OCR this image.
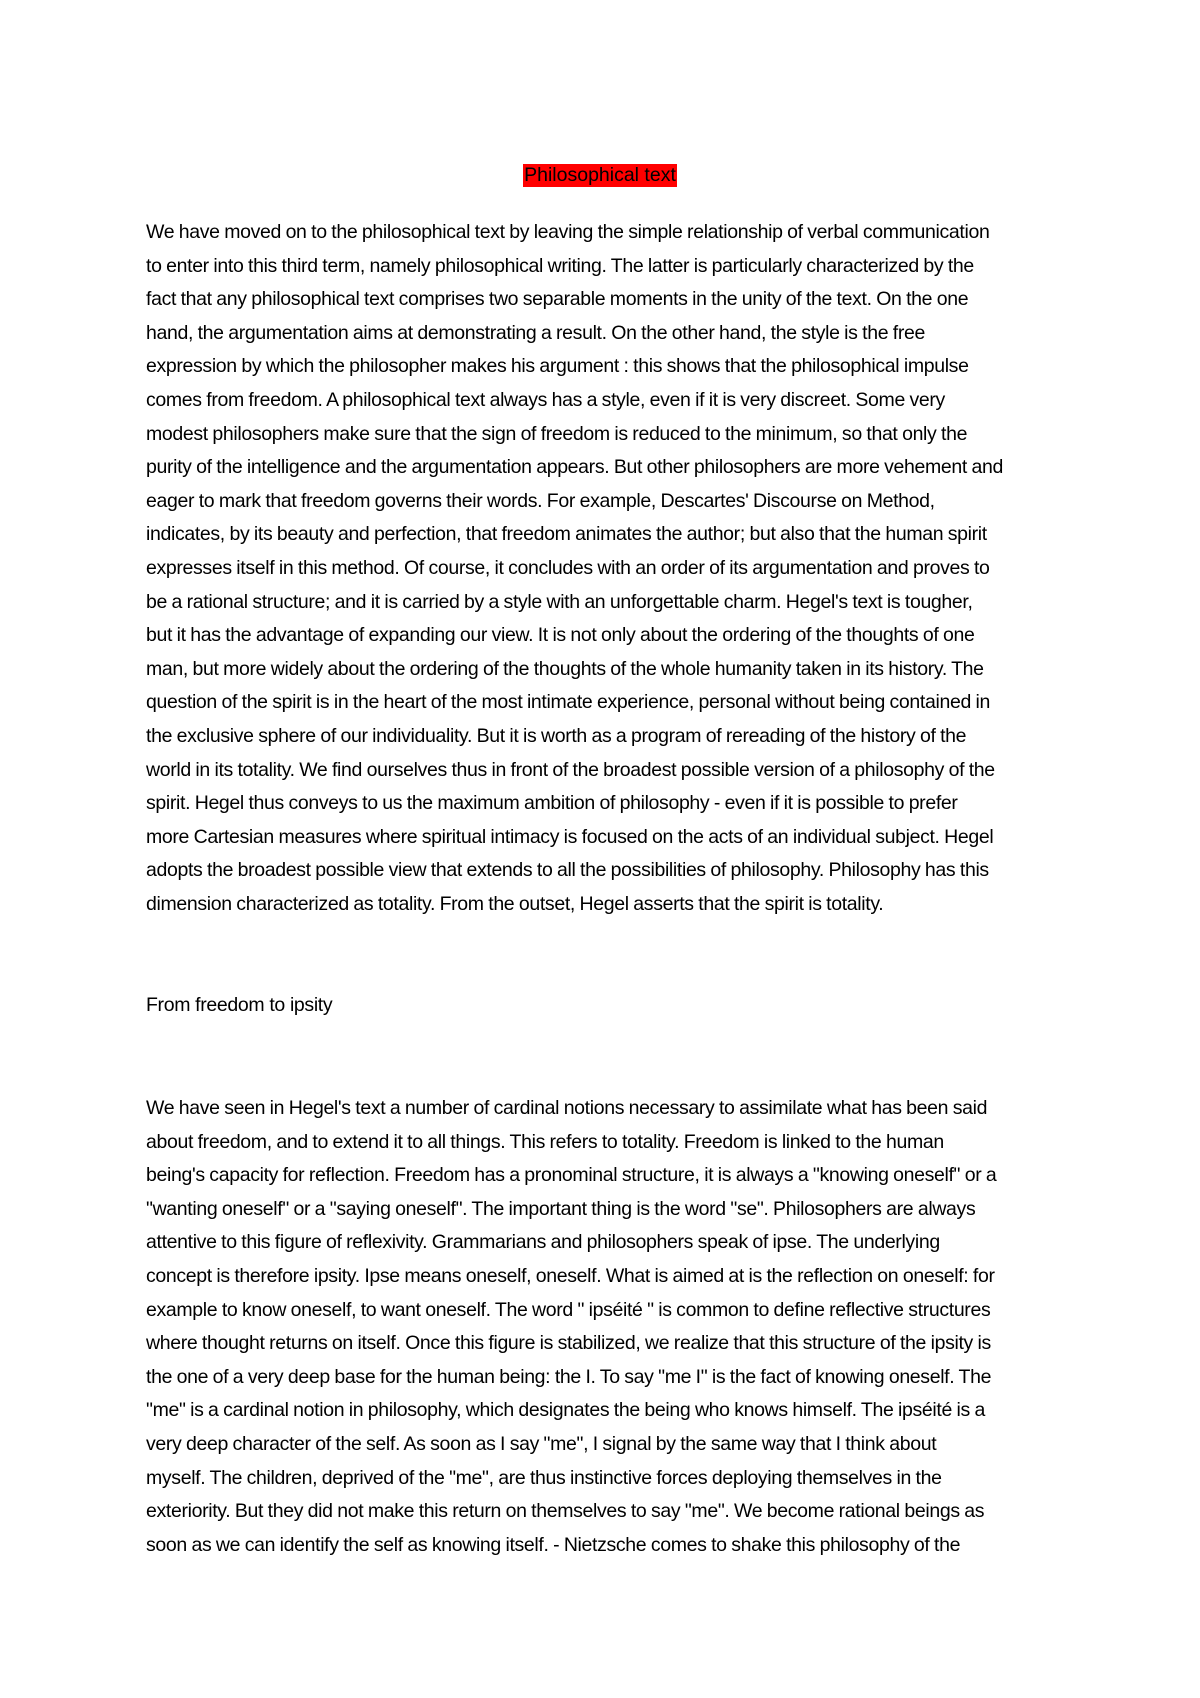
Philosophical text
We have moved on to the philosophical text by leaving the simple relationship of verbal communication
to enter into this third term, namely philosophical writing. The latter is particularly characterized by the
fact that any philosophical text comprises two separable moments in the unity of the text. On the one
hand, the argumentation aims at demonstrating a result. On the other hand, the style is the free
expression by which the philosopher makes his argument : this shows that the philosophical impulse
comes from freedom. A philosophical text always has a style, even if it is very discreet. Some very
modest philosophers make sure that the sign of freedom is reduced to the minimum, so that only the
purity of the intelligence and the argumentation appears. But other philosophers are more vehement and
eager to mark that freedom governs their words. For example, Descartes' Discourse on Method,
indicates, by its beauty and perfection, that freedom animates the author; but also that the human spirit
expresses itself in this method. Of course, it concludes with an order of its argumentation and proves to
be a rational structure; and it is carried by a style with an unforgettable charm. Hegel's text is tougher,
but it has the advantage of expanding our view. It is not only about the ordering of the thoughts of one
man, but more widely about the ordering of the thoughts of the whole humanity taken in its history. The
question of the spirit is in the heart of the most intimate experience, personal without being contained in
the exclusive sphere of our individuality. But it is worth as a program of rereading of the history of the
world in its totality. We find ourselves thus in front of the broadest possible version of a philosophy of the
spirit. Hegel thus conveys to us the maximum ambition of philosophy - even if it is possible to prefer
more Cartesian measures where spiritual intimacy is focused on the acts of an individual subject. Hegel
adopts the broadest possible view that extends to all the possibilities of philosophy. Philosophy has this
dimension characterized as totality. From the outset, Hegel asserts that the spirit is totality.
From freedom to ipsity
We have seen in Hegel's text a number of cardinal notions necessary to assimilate what has been said
about freedom, and to extend it to all things. This refers to totality. Freedom is linked to the human
being's capacity for reflection. Freedom has a pronominal structure, it is always a "knowing oneself" or a
"wanting oneself" or a "saying oneself". The important thing is the word "se". Philosophers are always
attentive to this figure of reflexivity. Grammarians and philosophers speak of ipse. The underlying
concept is therefore ipsity. Ipse means oneself, oneself. What is aimed at is the reflection on oneself: for
example to know oneself, to want oneself. The word " ipséité " is common to define reflective structures
where thought returns on itself. Once this figure is stabilized, we realize that this structure of the ipsity is
the one of a very deep base for the human being: the I. To say "me I" is the fact of knowing oneself. The
"me" is a cardinal notion in philosophy, which designates the being who knows himself. The ipséité is a
very deep character of the self. As soon as I say "me", I signal by the same way that I think about
myself. The children, deprived of the "me", are thus instinctive forces deploying themselves in the
exteriority. But they did not make this return on themselves to say "me". We become rational beings as
soon as we can identify the self as knowing itself. - Nietzsche comes to shake this philosophy of the
